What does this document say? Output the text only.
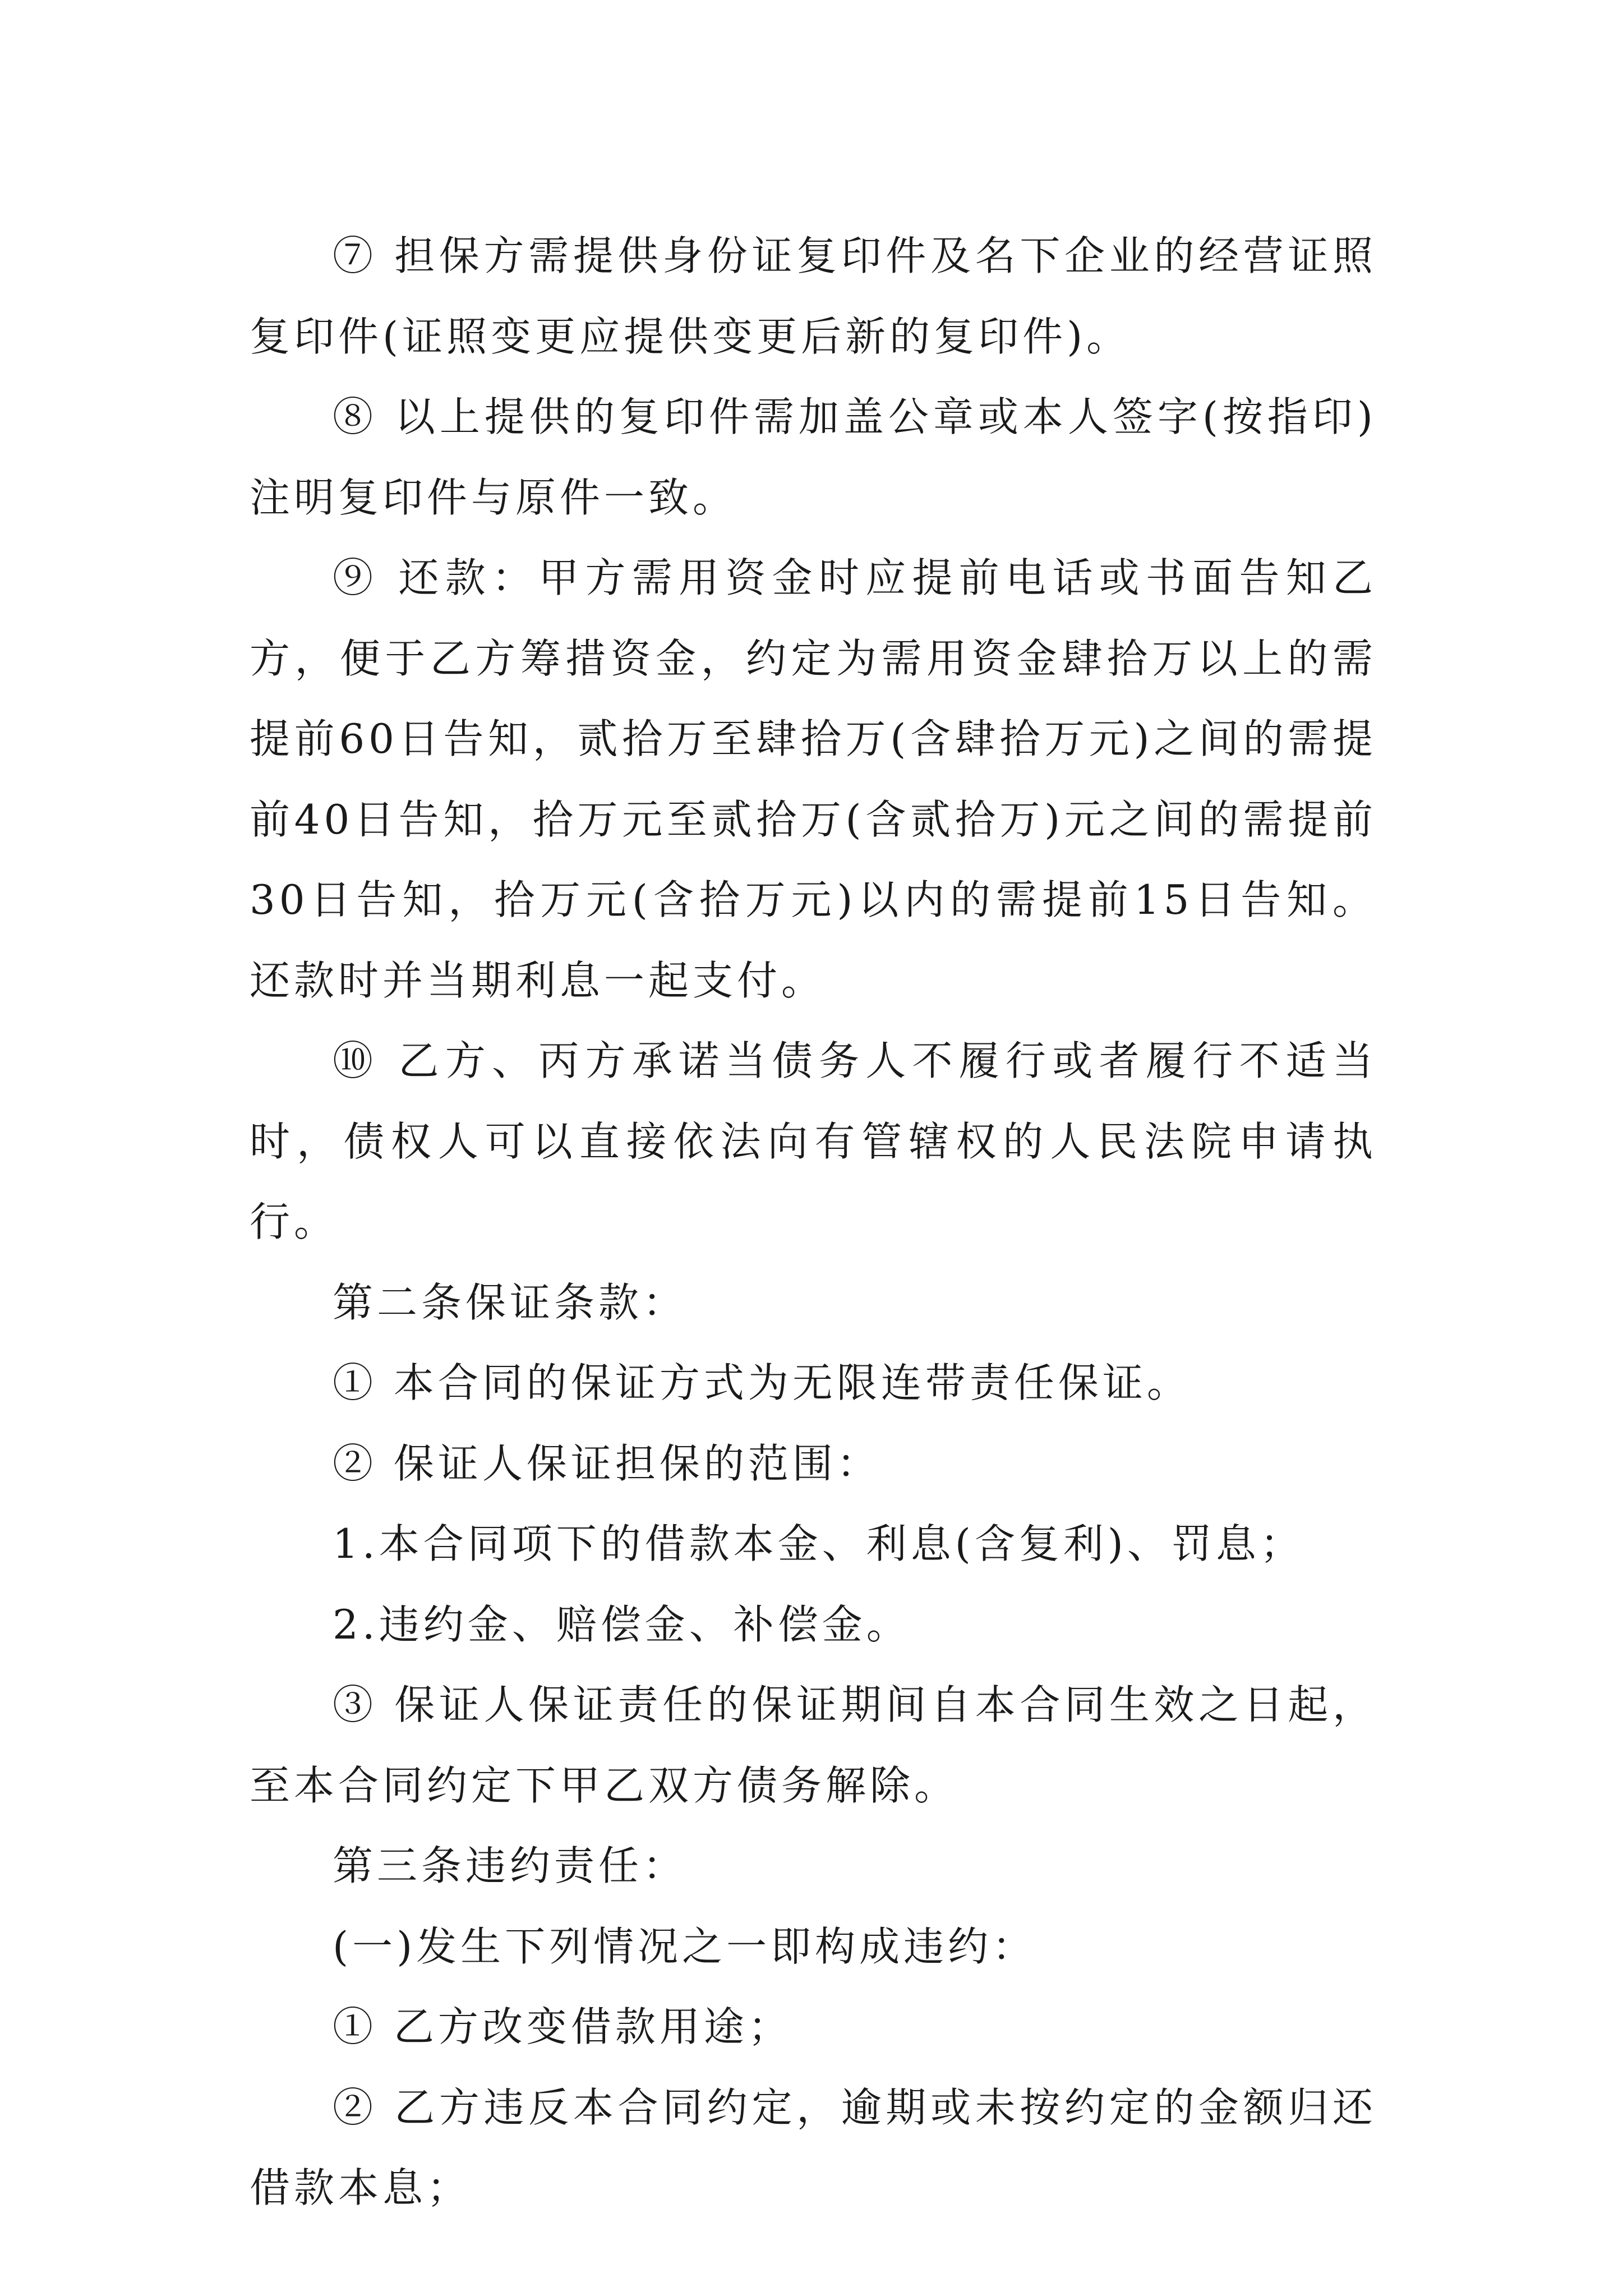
⑦ 担保方需提供身份证复印件及名下企业的经营证照复印件(证照变更应提供变更后新的复印件)。

⑧ 以上提供的复印件需加盖公章或本人签字(按指印)注明复印件与原件一致。

⑨ 还款：甲方需用资金时应提前电话或书面告知乙方，便于乙方筹措资金，约定为需用资金肆拾万以上的需提前60日告知，贰拾万至肆拾万(含肆拾万元)之间的需提前40日告知，拾万元至贰拾万(含贰拾万)元之间的需提前30日告知，拾万元(含拾万元)以内的需提前15日告知。还款时并当期利息一起支付。

⑩ 乙方、丙方承诺当债务人不履行或者履行不适当时，债权人可以直接依法向有管辖权的人民法院申请执行。

第二条保证条款：

① 本合同的保证方式为无限连带责任保证。

② 保证人保证担保的范围：

1.本合同项下的借款本金、利息(含复利)、罚息；

2.违约金、赔偿金、补偿金。

③ 保证人保证责任的保证期间自本合同生效之日起，至本合同约定下甲乙双方债务解除。

第三条违约责任：

(一)发生下列情况之一即构成违约：

① 乙方改变借款用途；

② 乙方违反本合同约定，逾期或未按约定的金额归还借款本息；
